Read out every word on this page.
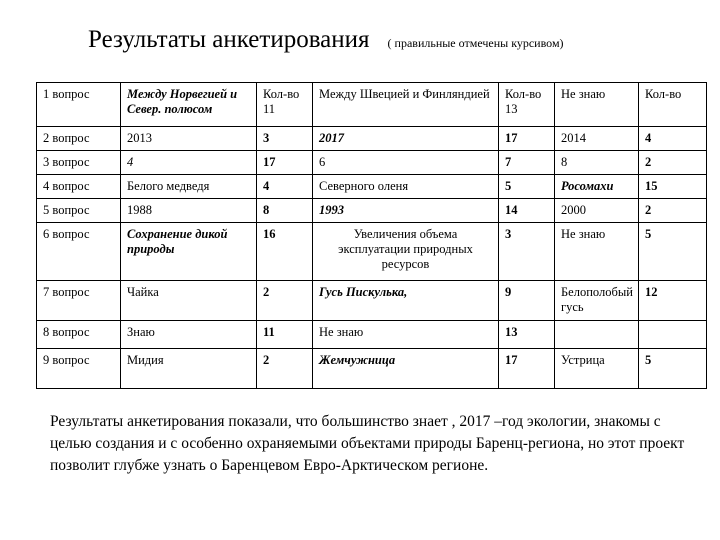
Результаты анкетирования ( правильные отмечены курсивом)
1 вопрос	Между Норвегией и Север. полюсом	Кол-во 11	Между Швецией и Финляндией	Кол-во 13	Не знаю	Кол-во
2 вопрос	2013	3	2017	17	2014	4
3 вопрос	4	17	6	7	8	2
4 вопрос	Белого медведя	4	Северного оленя	5	Росомахи	15
5 вопрос	1988	8	1993	14	2000	2
6 вопрос	Сохранение дикой природы	16	Увеличения объема эксплуатации природных ресурсов	3	Не знаю	5
7 вопрос	Чайка	2	Гусь Пискулька,	9	Белополобый гусь	12
8 вопрос	Знаю	11	Не знаю	13		
9 вопрос	Мидия	2	Жемчужница	17	Устрица	5
Результаты анкетирования показали, что большинство знает , 2017 –год экологии, знакомы с целью создания и с особенно охраняемыми объектами природы Баренц-региона, но этот проект позволит глубже узнать о Баренцевом Евро-Арктическом регионе.
